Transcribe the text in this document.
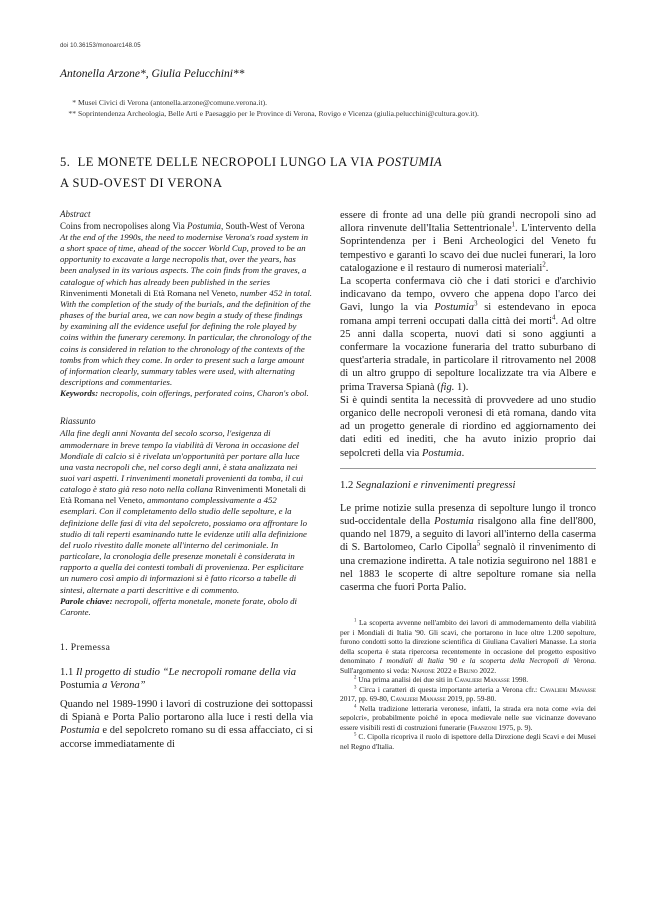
doi 10.36153/monoarc148.05
Antonella Arzone*, Giulia Pelucchini**
* Musei Civici di Verona (antonella.arzone@comune.verona.it).
** Soprintendenza Archeologia, Belle Arti e Paesaggio per le Province di Verona, Rovigo e Vicenza (giulia.pelucchini@cultura.gov.it).
5. LE MONETE DELLE NECROPOLI LUNGO LA VIA POSTUMIA
A SUD-OVEST DI VERONA
Abstract
Coins from necropolises along Via Postumia, South-West of Verona

At the end of the 1990s, the need to modernise Verona's road system in a short space of time, ahead of the soccer World Cup, proved to be an opportunity to excavate a large necropolis that, over the years, has been analysed in its various aspects. The coin finds from the graves, a catalogue of which has already been published in the series Rinvenimenti Monetali di Età Romana nel Veneto, number 452 in total. With the completion of the study of the burials, and the definition of the phases of the burial area, we can now begin a study of these findings by examining all the evidence useful for defining the role played by coins within the funerary ceremony. In particular, the chronology of the coins is considered in relation to the chronology of the contexts of the tombs from which they come. In order to present such a large amount of information clearly, summary tables were used, with alternating descriptions and commentaries.

Keywords: necropolis, coin offerings, perforated coins, Charon's obol.

Riassunto

Alla fine degli anni Novanta del secolo scorso, l'esigenza di ammodernare in breve tempo la viabilità di Verona in occasione del Mondiale di calcio si è rivelata un'opportunità per portare alla luce una vasta necropoli che, nel corso degli anni, è stata analizzata nei suoi vari aspetti. I rinvenimenti monetali provenienti da tomba, il cui catalogo è stato già reso noto nella collana Rinvenimenti Monetali di Età Romana nel Veneto, ammontano complessivamente a 452 esemplari. Con il completamento dello studio delle sepolture, e la definizione delle fasi di vita del sepolcreto, possiamo ora affrontare lo studio di tali reperti esaminando tutte le evidenze utili alla definizione del ruolo rivestito dalle monete all'interno del cerimoniale. In particolare, la cronologia delle presenze monetali è considerata in rapporto a quella dei contesti tombali di provenienza. Per esplicitare un numero così ampio di informazioni si è fatto ricorso a tabelle di sintesi, alternate a parti descrittive e di commento.

Parole chiave: necropoli, offerta monetale, monete forate, obolo di Caronte.

1. Premessa
1.1 Il progetto di studio “Le necropoli romane della via Postumia a Verona”

Quando nel 1989-1990 i lavori di costruzione dei sottopassi di Spianà e Porta Palio portarono alla luce i resti della via Postumia e del sepolcreto romano su di essa affacciato, ci si accorse immediatamente di

essere di fronte ad una delle più grandi necropoli sino ad allora rinvenute dell'Italia Settentrionale$^1$. L'intervento della Soprintendenza per i Beni Archeologici del Veneto fu tempestivo e garantì lo scavo dei due nuclei funerari, la loro catalogazione e il restauro di numerosi materiali$^2$.

La scoperta confermava ciò che i dati storici e d'archivio indicavano da tempo, ovvero che appena dopo l'arco dei Gavi, lungo la via Postumia$^3$ si estendevano in epoca romana ampi terreni occupati dalla città dei morti$^4$. Ad oltre 25 anni dalla scoperta, nuovi dati si sono aggiunti a confermare la vocazione funeraria del tratto suburbano di quest'arteria stradale, in particolare il ritrovamento nel 2008 di un altro gruppo di sepolture localizzate tra via Albere e prima Traversa Spianà (fig. 1).

Si è quindi sentita la necessità di provvedere ad uno studio organico delle necropoli veronesi di età romana, dando vita ad un progetto generale di riordino ed aggiornamento dei dati editi ed inediti, che ha avuto inizio proprio dai sepolcreti della via Postumia.

1.2 Segnalazioni e rinvenimenti pregressi

Le prime notizie sulla presenza di sepolture lungo il tronco sud-occidentale della Postumia risalgono alla fine dell'800, quando nel 1879, a seguito di lavori all'interno della caserma di S. Bartolomeo, Carlo Cipolla$^5$ segnalò il rinvenimento di una cremazione indiretta. A tale notizia seguirono nel 1881 e nel 1883 le scoperte di altre sepolture romane sia nella caserma che fuori Porta Palio.

$^1$ La scoperta avvenne nell'ambito dei lavori di ammodernamento della viabilità per i Mondiali di Italia '90. Gli scavi, che portarono in luce oltre 1.200 sepolture, furono condotti sotto la direzione scientifica di Giuliana Cavalieri Manasse. La storia della scoperta è stata ripercorsa recentemente in occasione del progetto espositivo denominato I mondiali di Italia '90 e la scoperta della Necropoli di Verona. Sull'argomento si veda: Napione 2022 e Bruno 2022.

$^2$ Una prima analisi dei due siti in Cavalieri Manasse 1998.

$^3$ Circa i caratteri di questa importante arteria a Verona cfr.: Cavalieri Manasse 2017, pp. 69-80, Cavalieri Manasse 2019, pp. 59-80.

$^4$ Nella tradizione letteraria veronese, infatti, la strada era nota come «via dei sepolcri», probabilmente poiché in epoca medievale nelle sue vicinanze dovevano essere visibili resti di costruzioni funerarie (Franzoni 1975, p. 9).

$^5$ C. Cipolla ricopriva il ruolo di ispettore della Direzione degli Scavi e dei Musei nel Regno d'Italia.
